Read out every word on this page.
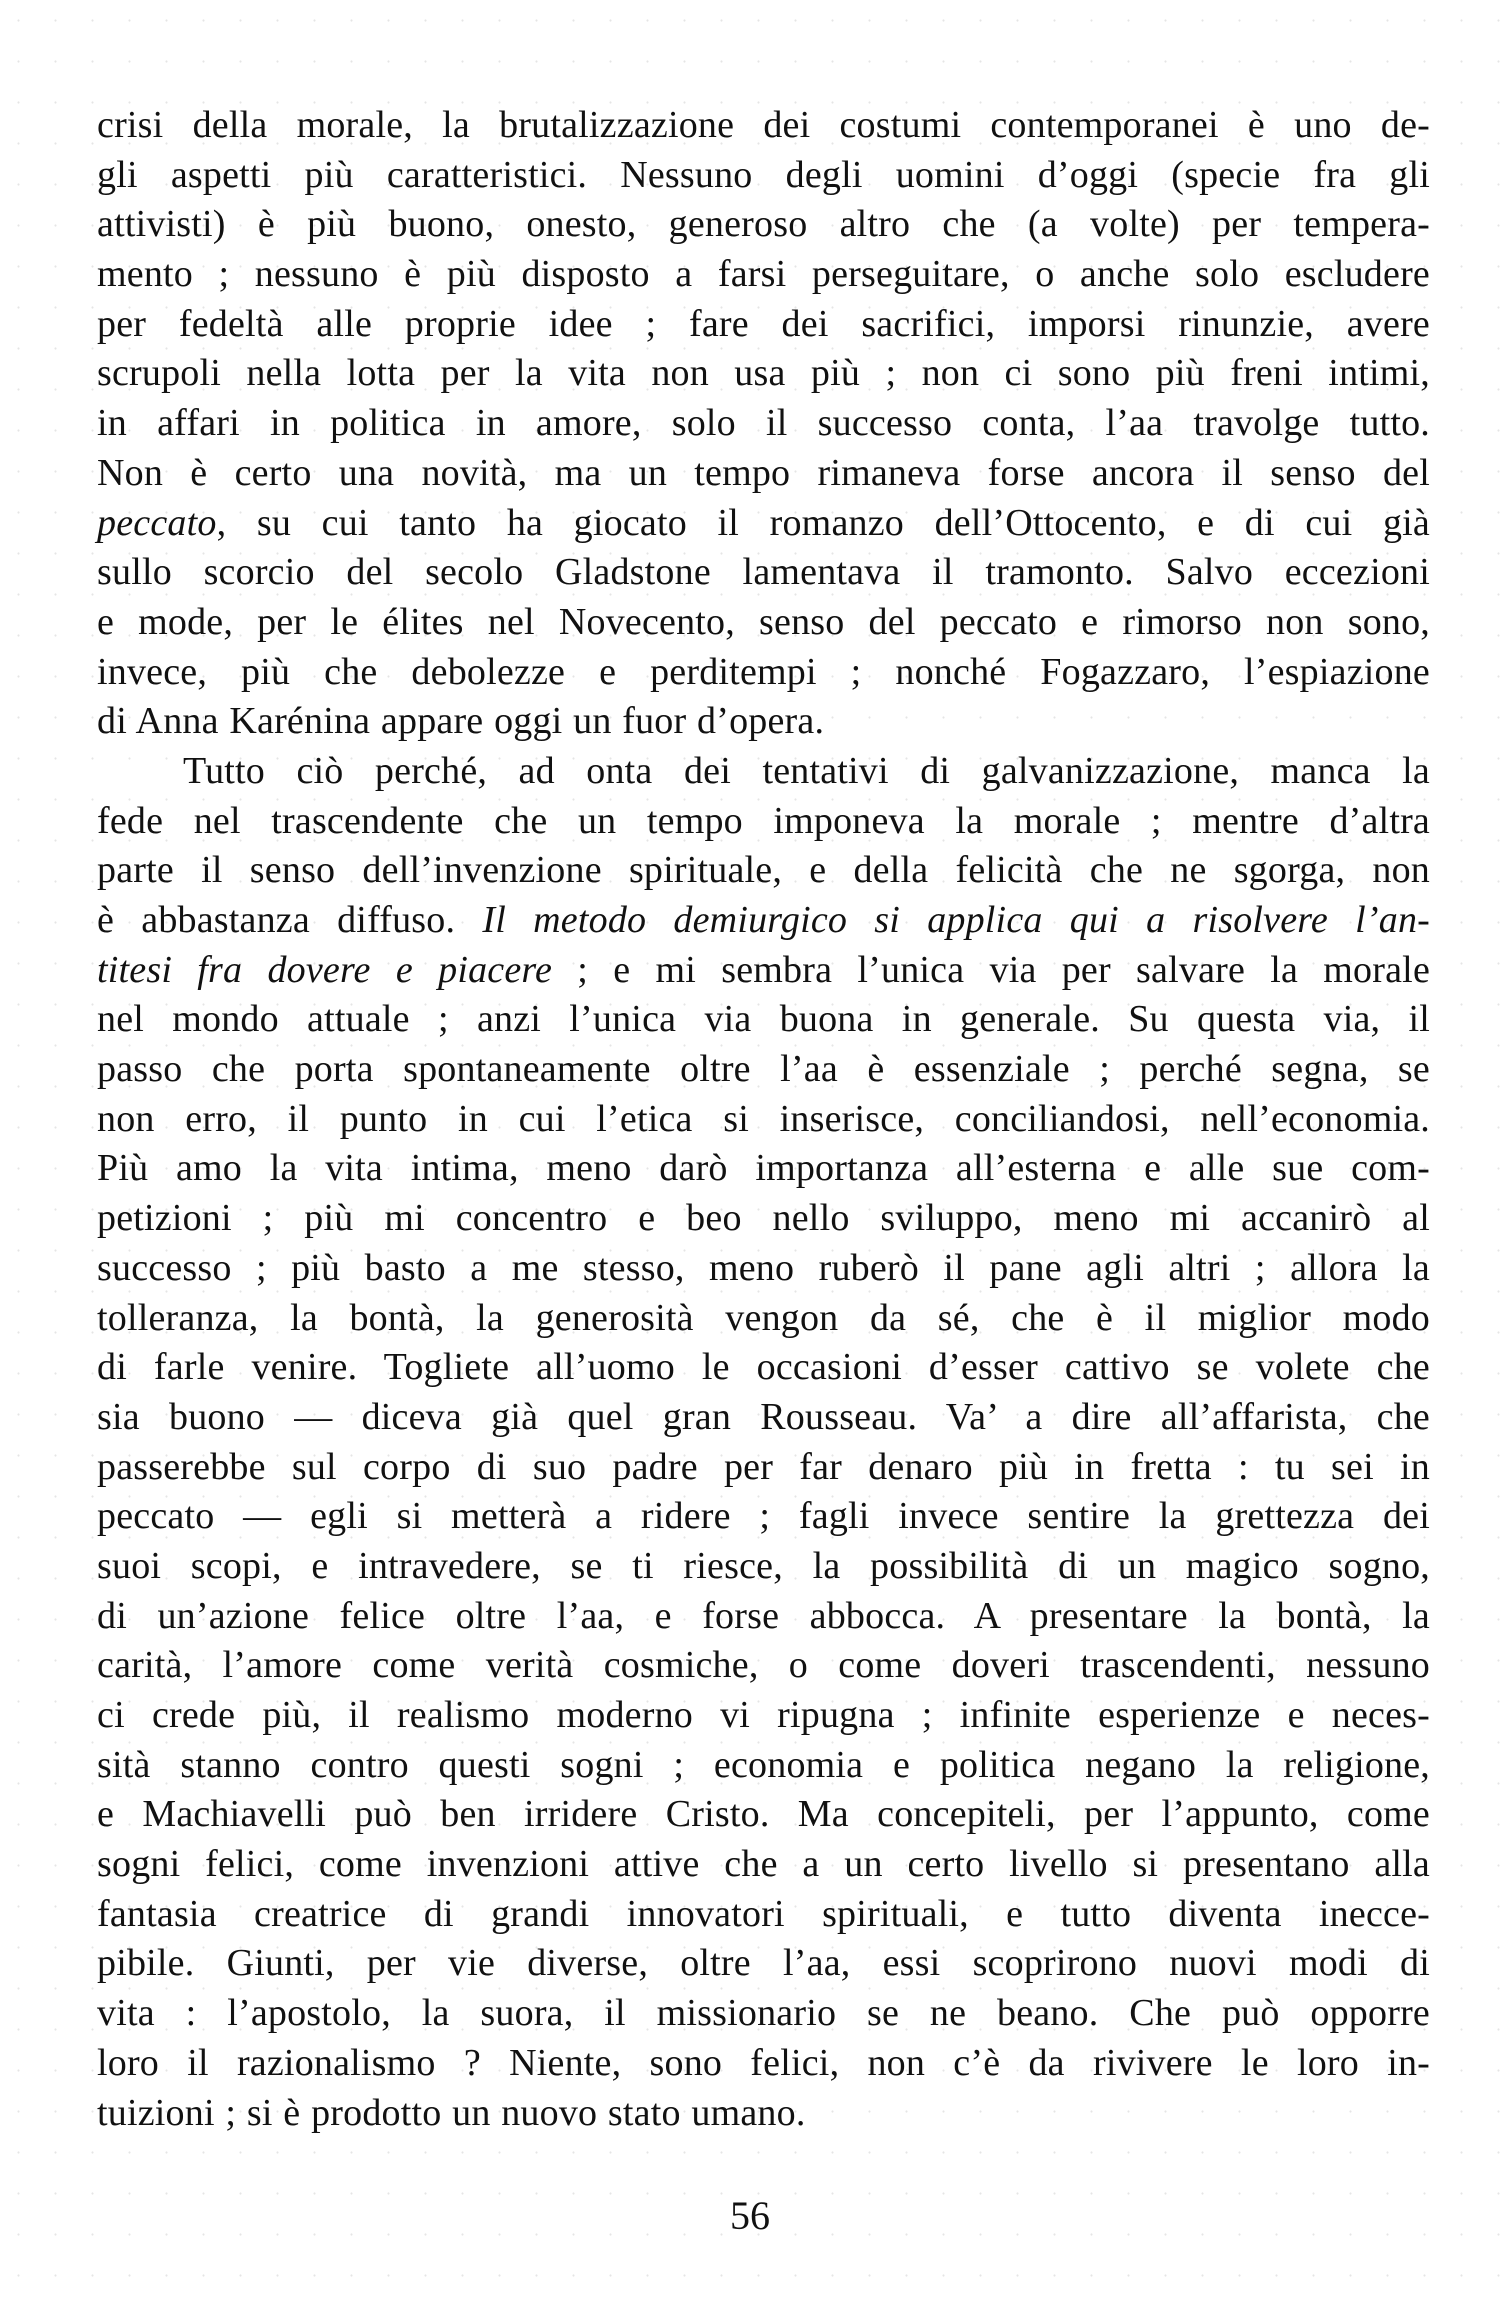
crisi della morale, la brutalizzazione dei costumi contemporanei è uno de-
gli aspetti più caratteristici. Nessuno degli uomini d’oggi (specie fra gli
attivisti) è più buono, onesto, generoso altro che (a volte) per tempera-
mento ; nessuno è più disposto a farsi perseguitare, o anche solo escludere
per fedeltà alle proprie idee ; fare dei sacrifici, imporsi rinunzie, avere
scrupoli nella lotta per la vita non usa più ; non ci sono più freni intimi,
in affari in politica in amore, solo il successo conta, l’aa travolge tutto.
Non è certo una novità, ma un tempo rimaneva forse ancora il senso del
peccato, su cui tanto ha giocato il romanzo dell’Ottocento, e di cui già
sullo scorcio del secolo Gladstone lamentava il tramonto. Salvo eccezioni
e mode, per le élites nel Novecento, senso del peccato e rimorso non sono,
invece, più che debolezze e perditempi ; nonché Fogazzaro, l’espiazione
di Anna Karénina appare oggi un fuor d’opera.
Tutto ciò perché, ad onta dei tentativi di galvanizzazione, manca la
fede nel trascendente che un tempo imponeva la morale ; mentre d’altra
parte il senso dell’invenzione spirituale, e della felicità che ne sgorga, non
è abbastanza diffuso. Il metodo demiurgico si applica qui a risolvere l’an-
titesi fra dovere e piacere ; e mi sembra l’unica via per salvare la morale
nel mondo attuale ; anzi l’unica via buona in generale. Su questa via, il
passo che porta spontaneamente oltre l’aa è essenziale ; perché segna, se
non erro, il punto in cui l’etica si inserisce, conciliandosi, nell’economia.
Più amo la vita intima, meno darò importanza all’esterna e alle sue com-
petizioni ; più mi concentro e beo nello sviluppo, meno mi accanirò al
successo ; più basto a me stesso, meno ruberò il pane agli altri ; allora la
tolleranza, la bontà, la generosità vengon da sé, che è il miglior modo
di farle venire. Togliete all’uomo le occasioni d’esser cattivo se volete che
sia buono — diceva già quel gran Rousseau. Va’ a dire all’affarista, che
passerebbe sul corpo di suo padre per far denaro più in fretta : tu sei in
peccato — egli si metterà a ridere ; fagli invece sentire la grettezza dei
suoi scopi, e intravedere, se ti riesce, la possibilità di un magico sogno,
di un’azione felice oltre l’aa, e forse abbocca. A presentare la bontà, la
carità, l’amore come verità cosmiche, o come doveri trascendenti, nessuno
ci crede più, il realismo moderno vi ripugna ; infinite esperienze e neces-
sità stanno contro questi sogni ; economia e politica negano la religione,
e Machiavelli può ben irridere Cristo. Ma concepiteli, per l’appunto, come
sogni felici, come invenzioni attive che a un certo livello si presentano alla
fantasia creatrice di grandi innovatori spirituali, e tutto diventa inecce-
pibile. Giunti, per vie diverse, oltre l’aa, essi scoprirono nuovi modi di
vita : l’apostolo, la suora, il missionario se ne beano. Che può opporre
loro il razionalismo ? Niente, sono felici, non c’è da rivivere le loro in-
tuizioni ; si è prodotto un nuovo stato umano.
56
